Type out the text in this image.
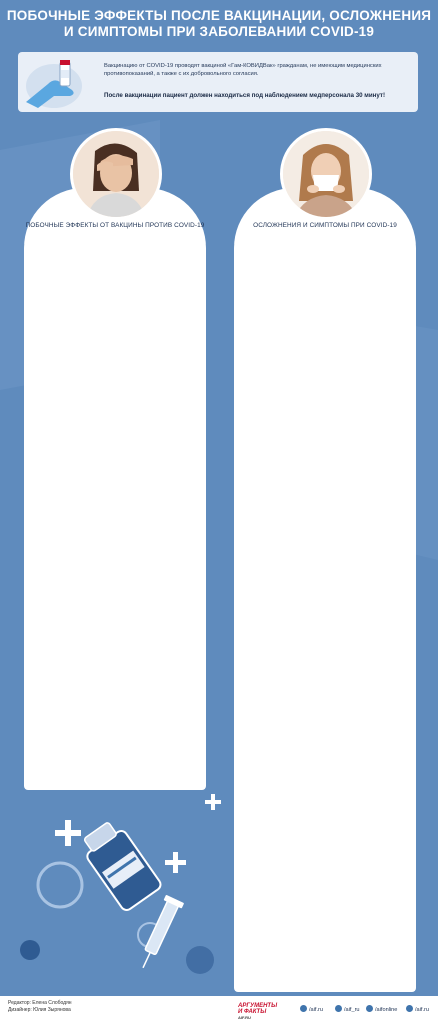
ПОБОЧНЫЕ ЭФФЕКТЫ ПОСЛЕ ВАКЦИНАЦИИ, ОСЛОЖНЕНИЯ И СИМПТОМЫ ПРИ ЗАБОЛЕВАНИИ COVID-19
Вакцинацию от COVID-19 проводят вакциной «Гам-КОВИДВак» гражданам, не имеющим медицинских противопоказаний, а также с их добровольного согласия.
После вакцинации пациент должен находиться под наблюдением медперсонала 30 минут!
ПОБОЧНЫЕ ЭФФЕКТЫ ОТ ВАКЦИНЫ ПРОТИВ COVID-19	ОСЛОЖНЕНИЯ И СИМПТОМЫ ПРИ COVID-19
Редактор: Елена Слободян
Дизайнер: Юлия Зырянова
АРГУМЕНТЫ
И ФАКТЫ
AIF.RU
/aif.ru	/aif_ru	/aifonline	/aif.ru
